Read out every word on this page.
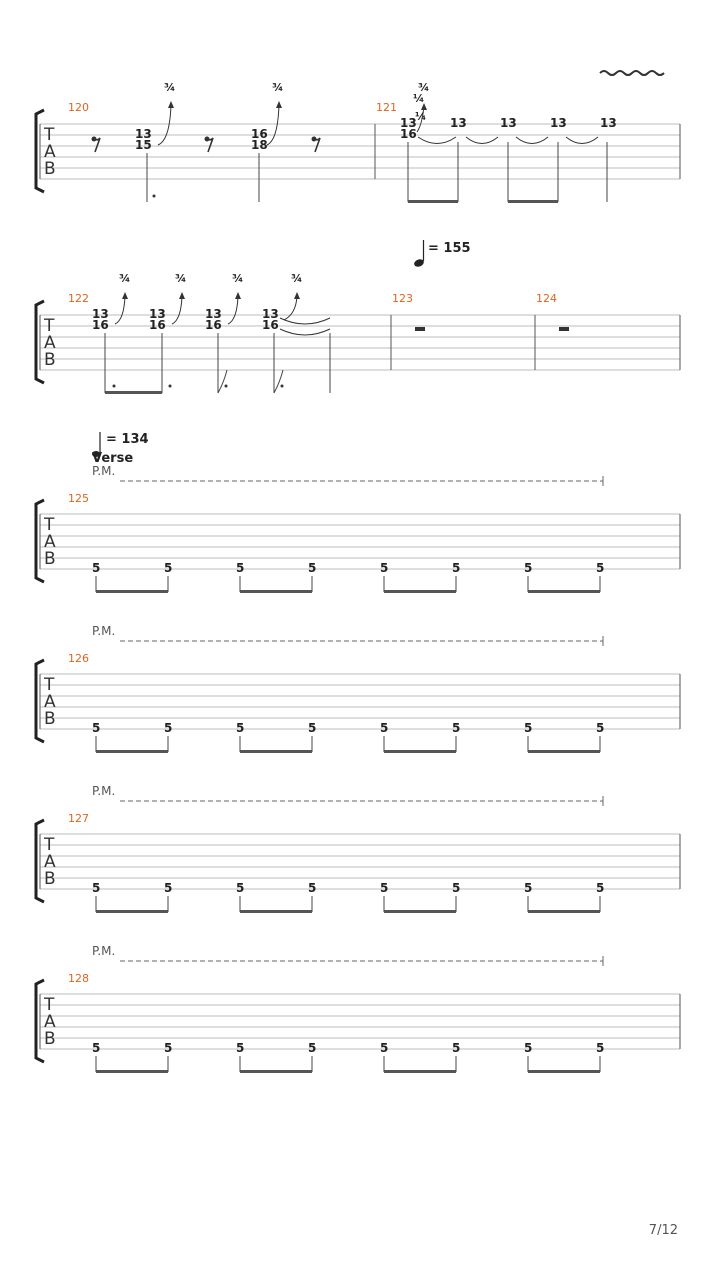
T
A
B
120	121
13
15
¾
16
18
¾	¾
¼
¼
13
16
13	13	13	13
T
A
B
= 155
122	123	124
¾	¾	¾	¾
13
16
13
16
13
16
13
16
= 134
Verse
P.M.
T
A
B
125
5	5	5	5	5	5	5	5
P.M.
T
A
B
126
5	5	5	5	5	5	5	5
P.M.
T
A
B
127
5	5	5	5	5	5	5	5
P.M.
T
A
B
128
5	5	5	5	5	5	5	5
7/12
